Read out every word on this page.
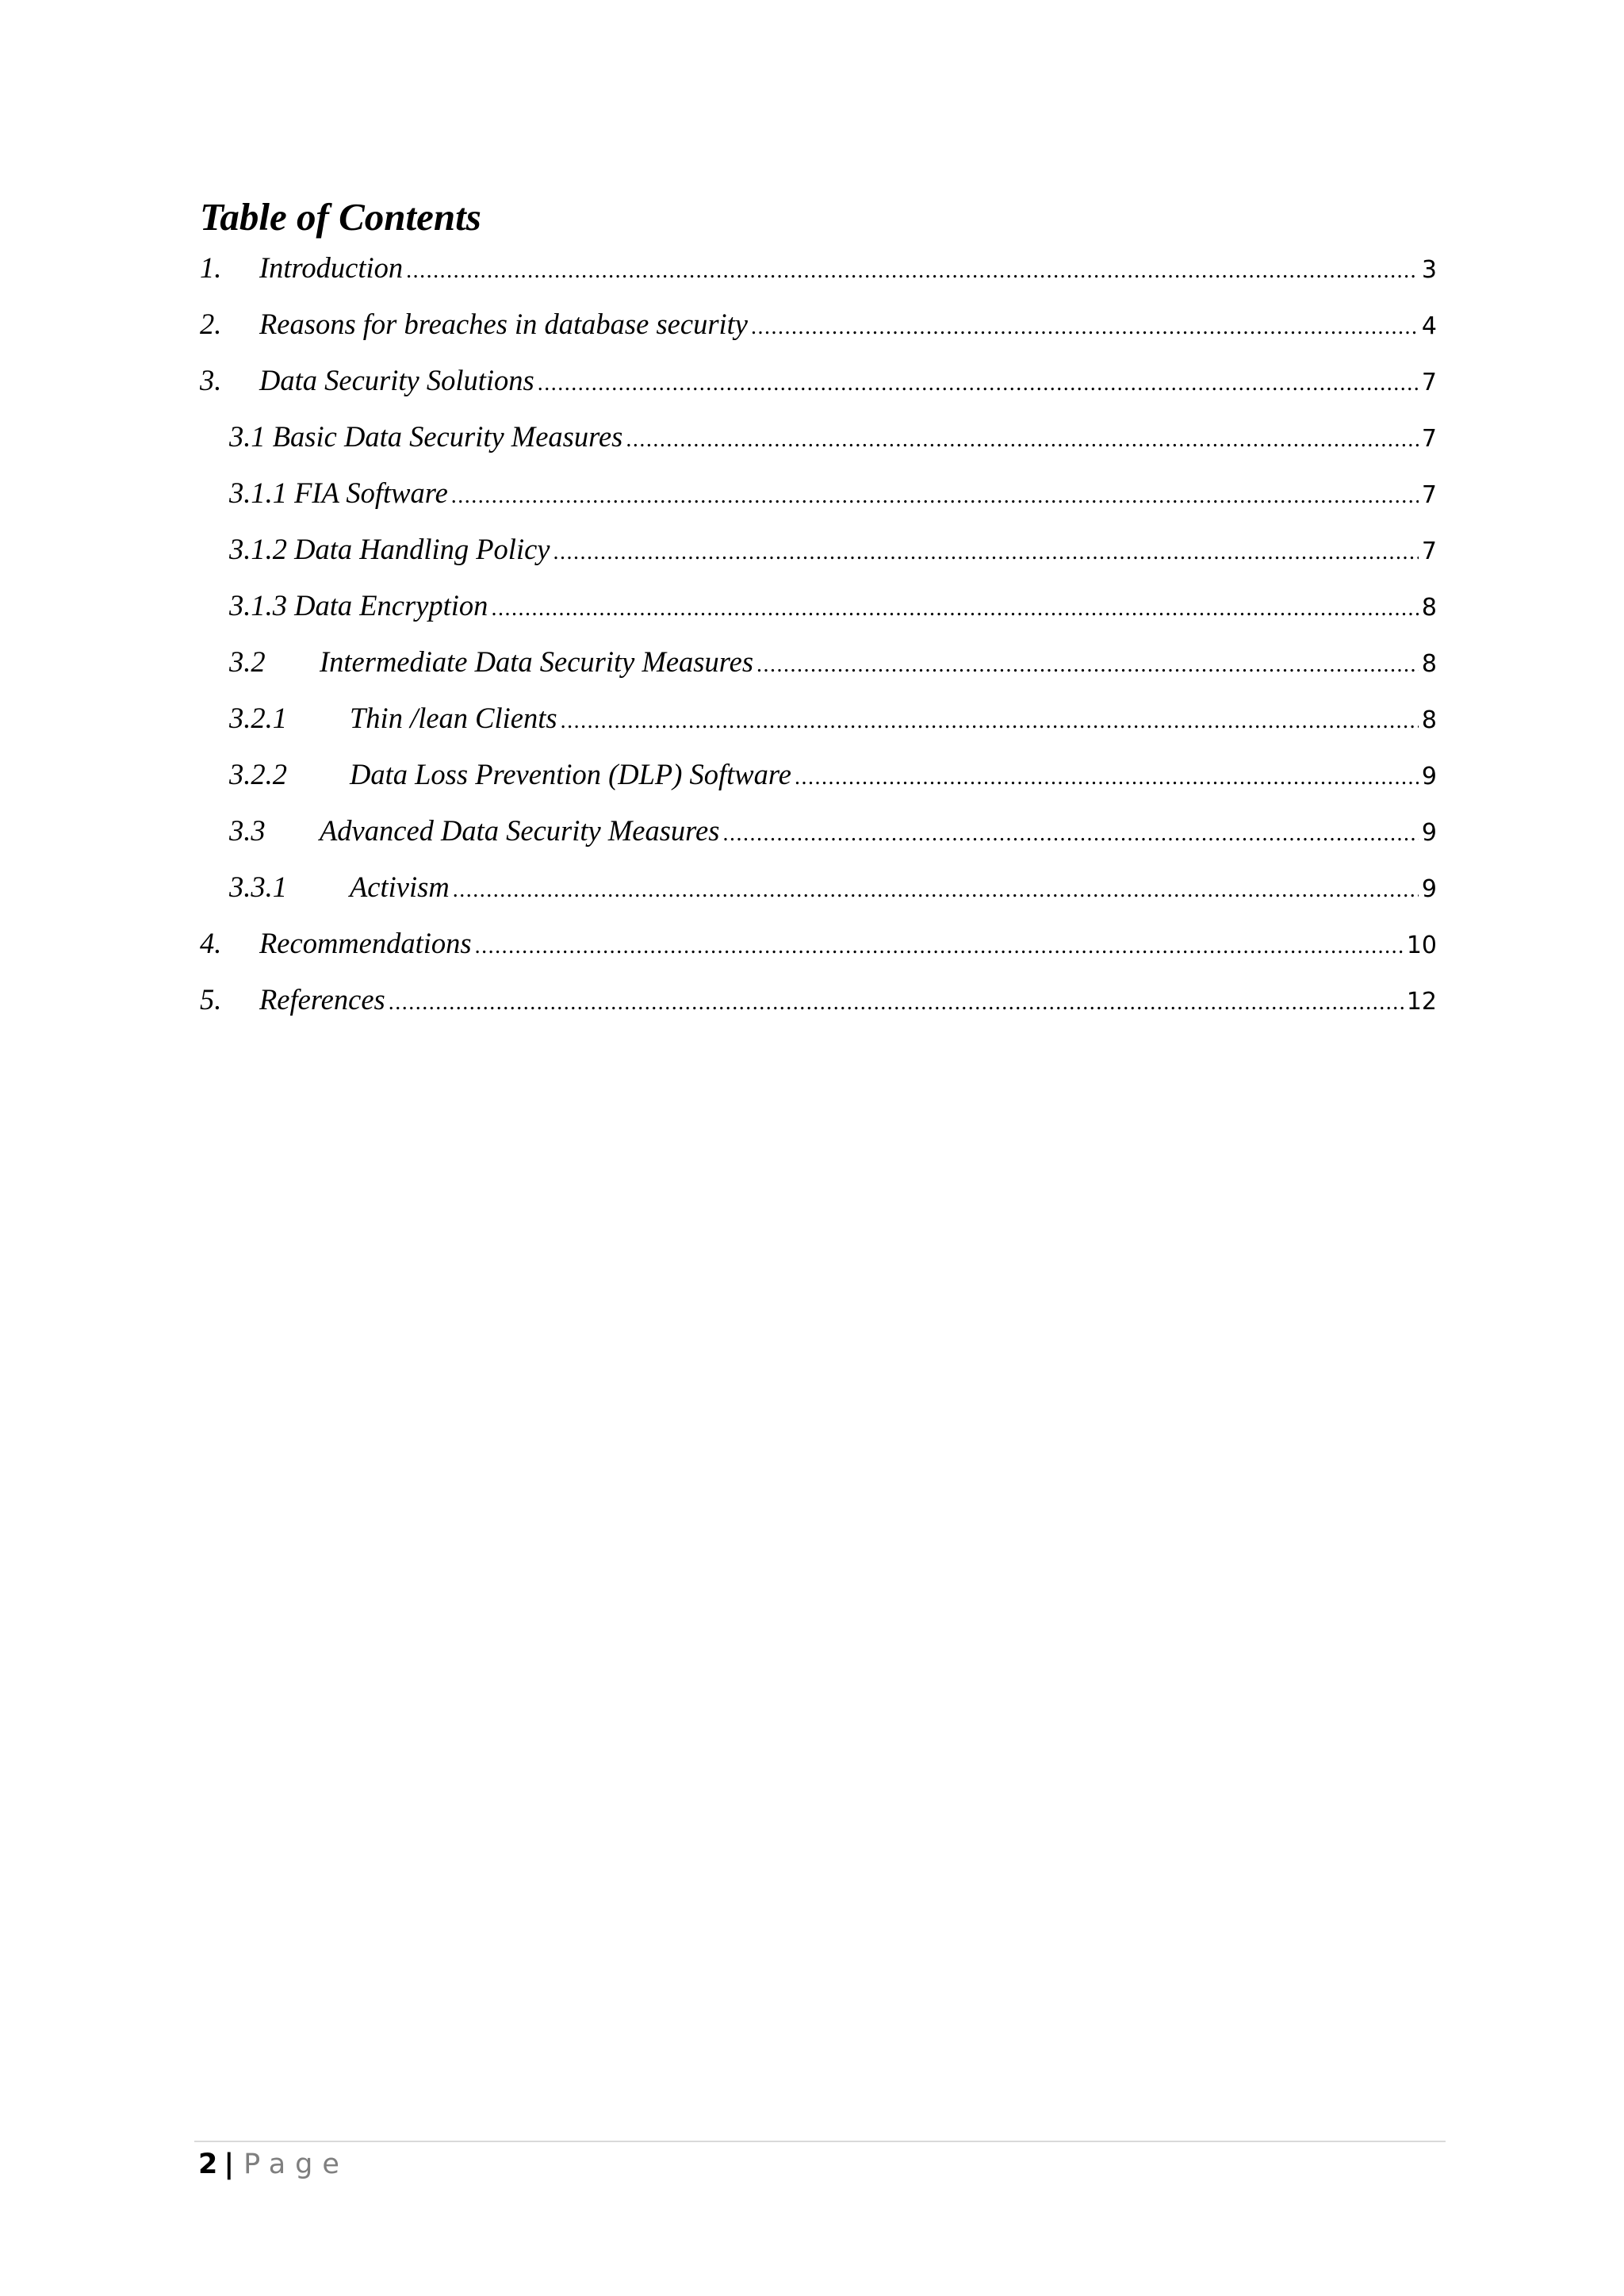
Table of Contents
1.	Introduction .....	3
2.	Reasons for breaches in database security .....	4
3.	Data Security Solutions .....	7
3.1 Basic Data Security Measures .....	7
3.1.1 FIA Software .....	7
3.1.2 Data Handling Policy .....	7
3.1.3 Data Encryption .....	8
3.2	Intermediate Data Security Measures .....	8
3.2.1	Thin /lean Clients .....	8
3.2.2	Data Loss Prevention (DLP) Software .....	9
3.3	Advanced Data Security Measures .....	9
3.3.1	Activism .....	9
4.	Recommendations .....	10
5.	References .....	12
2 | Page
